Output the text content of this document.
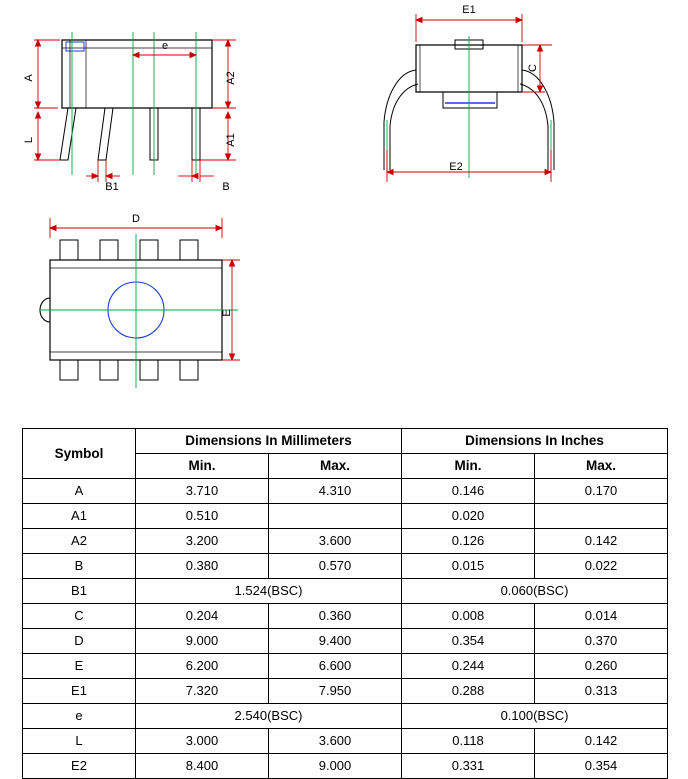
A
L
A2
A1
e
B1	B
E1
C
E2
D
E
Symbol	Dimensions In Millimeters		Dimensions In Inches	
	Min.	Max.	Min.	Max.
A	3.710	4.310	0.146	0.170
A1	0.510		0.020	
A2	3.200	3.600	0.126	0.142
B	0.380	0.570	0.015	0.022
B1	1.524(BSC)		0.060(BSC)	
C	0.204	0.360	0.008	0.014
D	9.000	9.400	0.354	0.370
E	6.200	6.600	0.244	0.260
E1	7.320	7.950	0.288	0.313
e	2.540(BSC)		0.100(BSC)	
L	3.000	3.600	0.118	0.142
E2	8.400	9.000	0.331	0.354
